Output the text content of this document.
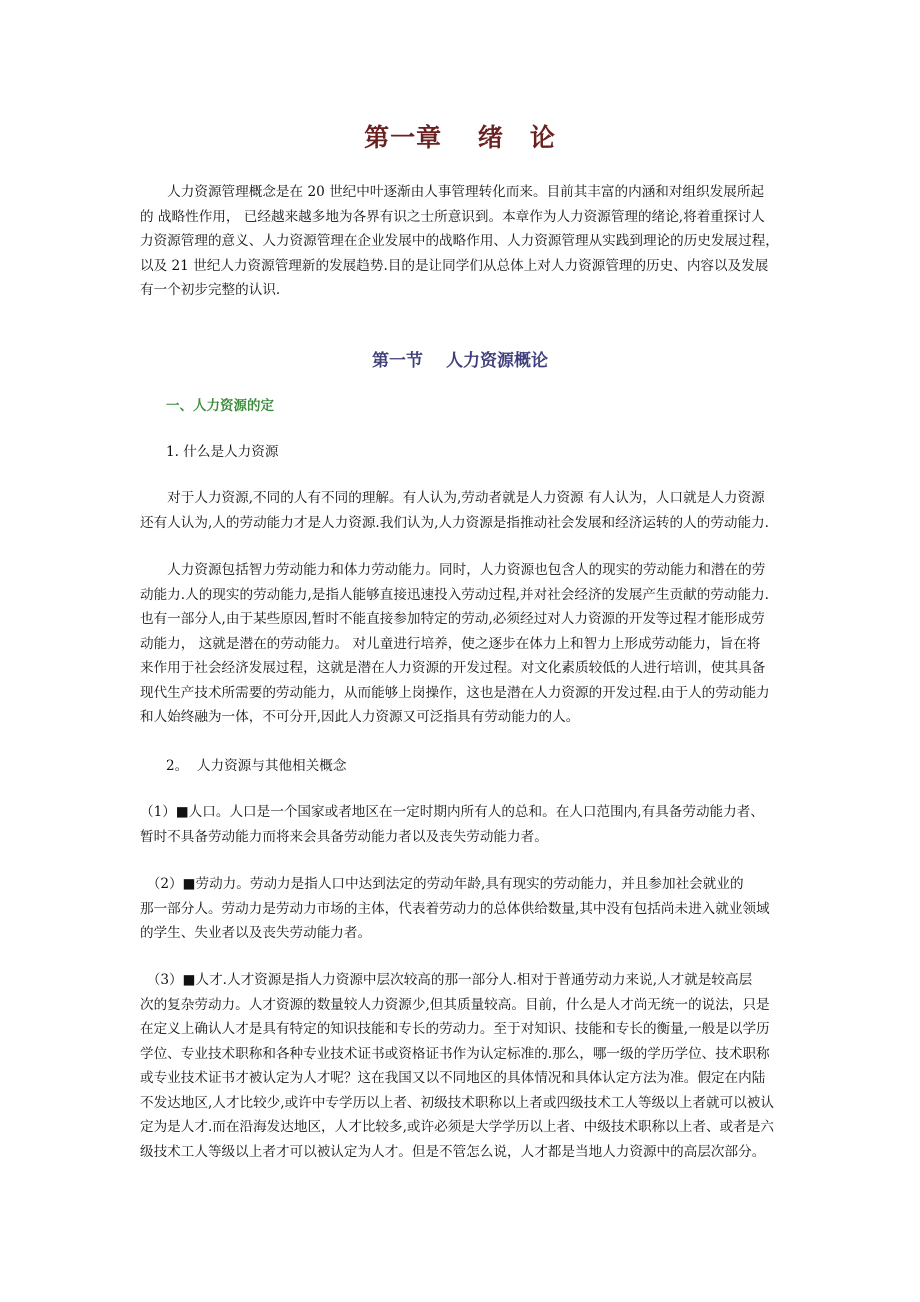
第一章　 绪　论
　　人力资源管理概念是在 20 世纪中叶逐渐由人事管理转化而来。目前其丰富的内涵和对组织发展所起
的 战略性作用， 已经越来越多地为各界有识之士所意识到。本章作为人力资源管理的绪论,将着重探讨人
力资源管理的意义、人力资源管理在企业发展中的战略作用、人力资源管理从实践到理论的历史发展过程，
以及 21 世纪人力资源管理新的发展趋势.目的是让同学们从总体上对人力资源管理的历史、内容以及发展
有一个初步完整的认识.
第一节　 人力资源概论
一、人力资源的定
1. 什么是人力资源
　　对于人力资源,不同的人有不同的理解。有人认为,劳动者就是人力资源 有人认为，人口就是人力资源
还有人认为,人的劳动能力才是人力资源.我们认为,人力资源是指推动社会发展和经济运转的人的劳动能力.
　　人力资源包括智力劳动能力和体力劳动能力。同时，人力资源也包含人的现实的劳动能力和潜在的劳
动能力.人的现实的劳动能力,是指人能够直接迅速投入劳动过程,并对社会经济的发展产生贡献的劳动能力.
也有一部分人,由于某些原因,暂时不能直接参加特定的劳动,必须经过对人力资源的开发等过程才能形成劳
动能力， 这就是潜在的劳动能力。 对儿童进行培养，使之逐步在体力上和智力上形成劳动能力，旨在将
来作用于社会经济发展过程，这就是潜在人力资源的开发过程。对文化素质较低的人进行培训，使其具备
现代生产技术所需要的劳动能力，从而能够上岗操作，这也是潜在人力资源的开发过程.由于人的劳动能力
和人始终融为一体，不可分开,因此人力资源又可泛指具有劳动能力的人。
2。  人力资源与其他相关概念
（1）■人口。人口是一个国家或者地区在一定时期内所有人的总和。在人口范围内,有具备劳动能力者、
暂时不具备劳动能力而将来会具备劳动能力者以及丧失劳动能力者。
　（2）■劳动力。劳动力是指人口中达到法定的劳动年龄,具有现实的劳动能力，并且参加社会就业的
那一部分人。劳动力是劳动力市场的主体，代表着劳动力的总体供给数量,其中没有包括尚未进入就业领域
的学生、失业者以及丧失劳动能力者。
　（3）■人才.人才资源是指人力资源中层次较高的那一部分人.相对于普通劳动力来说,人才就是较高层
次的复杂劳动力。人才资源的数量较人力资源少,但其质量较高。目前，什么是人才尚无统一的说法，只是
在定义上确认人才是具有特定的知识技能和专长的劳动力。至于对知识、技能和专长的衡量,一般是以学历
学位、专业技术职称和各种专业技术证书或资格证书作为认定标准的.那么，哪一级的学历学位、技术职称
或专业技术证书才被认定为人才呢？这在我国又以不同地区的具体情况和具体认定方法为准。假定在内陆
不发达地区,人才比较少,或许中专学历以上者、初级技术职称以上者或四级技术工人等级以上者就可以被认
定为是人才.而在沿海发达地区，人才比较多,或许必须是大学学历以上者、中级技术职称以上者、或者是六
级技术工人等级以上者才可以被认定为人才。但是不管怎么说，人才都是当地人力资源中的高层次部分。
